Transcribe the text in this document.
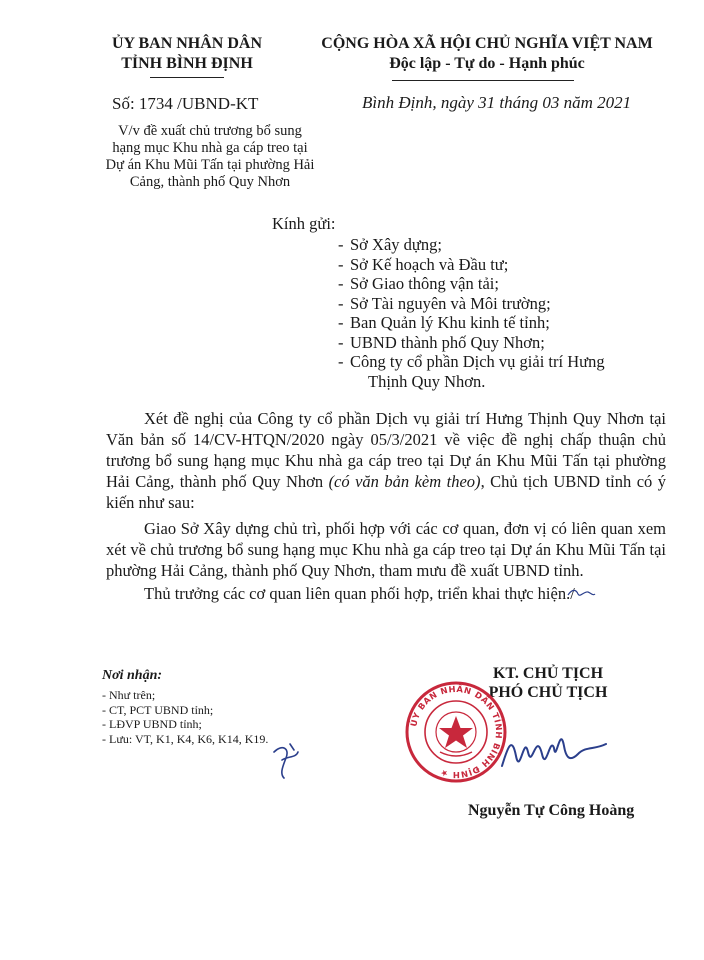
ỦY BAN NHÂN DÂN
TỈNH BÌNH ĐỊNH
CỘNG HÒA XÃ HỘI CHỦ NGHĨA VIỆT NAM
Độc lập - Tự do - Hạnh phúc
Số: 1734 /UBND-KT	Bình Định, ngày 31 tháng 03 năm 2021
V/v đề xuất chủ trương bổ sung
hạng mục Khu nhà ga cáp treo tại
Dự án Khu Mũi Tấn tại phường Hải
Cảng, thành phố Quy Nhơn
Kính gửi:
- Sở Xây dựng;
- Sở Kế hoạch và Đầu tư;
- Sở Giao thông vận tải;
- Sở Tài nguyên và Môi trường;
- Ban Quản lý Khu kinh tế tỉnh;
- UBND thành phố Quy Nhơn;
- Công ty cổ phần Dịch vụ giải trí Hưng
Thịnh Quy Nhơn.
Xét đề nghị của Công ty cổ phần Dịch vụ giải trí Hưng Thịnh Quy Nhơn tại Văn bản số 14/CV-HTQN/2020 ngày 05/3/2021 về việc đề nghị chấp thuận chủ trương bổ sung hạng mục Khu nhà ga cáp treo tại Dự án Khu Mũi Tấn tại phường Hải Cảng, thành phố Quy Nhơn (có văn bản kèm theo), Chủ tịch UBND tỉnh có ý kiến như sau:
Giao Sở Xây dựng chủ trì, phối hợp với các cơ quan, đơn vị có liên quan xem xét về chủ trương bổ sung hạng mục Khu nhà ga cáp treo tại Dự án Khu Mũi Tấn tại phường Hải Cảng, thành phố Quy Nhơn, tham mưu đề xuất UBND tỉnh.
Thủ trưởng các cơ quan liên quan phối hợp, triển khai thực hiện./
Nơi nhận:
- Như trên;
- CT, PCT UBND tỉnh;
- LĐVP UBND tỉnh;
- Lưu: VT, K1, K4, K6, K14, K19.
KT. CHỦ TỊCH
PHÓ CHỦ TỊCH
ỦY BAN NHÂN DÂN TỈNH BÌNH ĐỊNH ★
Nguyễn Tự Công Hoàng
